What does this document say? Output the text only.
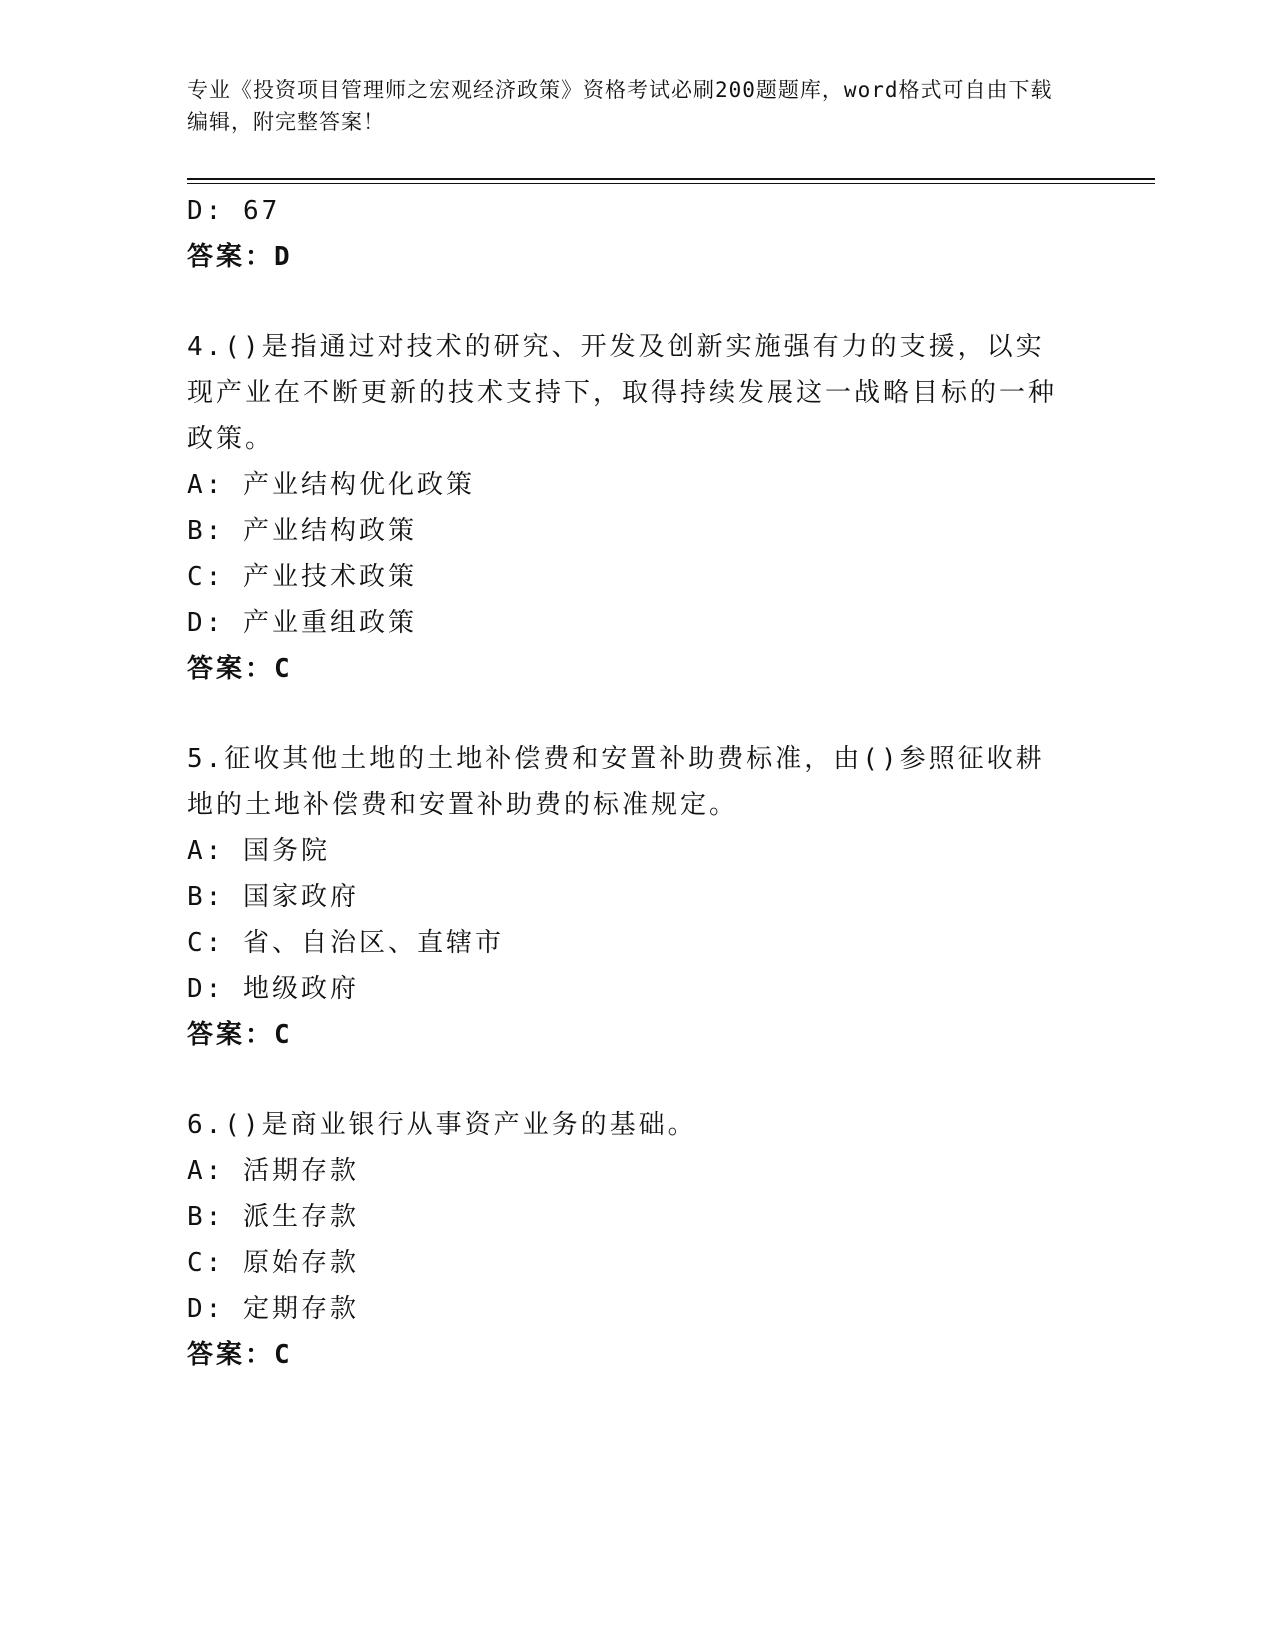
专业《投资项目管理师之宏观经济政策》资格考试必刷200题题库，word格式可自由下载编辑，附完整答案！

D: 67

答案：D

4.()是指通过对技术的研究、开发及创新实施强有力的支援，以实现产业在不断更新的技术支持下，取得持续发展这一战略目标的一种政策。

A: 产业结构优化政策

B: 产业结构政策

C: 产业技术政策

D: 产业重组政策

答案：C

5.征收其他土地的土地补偿费和安置补助费标准，由()参照征收耕地的土地补偿费和安置补助费的标准规定。

A: 国务院

B: 国家政府

C: 省、自治区、直辖市

D: 地级政府

答案：C

6.()是商业银行从事资产业务的基础。

A: 活期存款

B: 派生存款

C: 原始存款

D: 定期存款

答案：C
